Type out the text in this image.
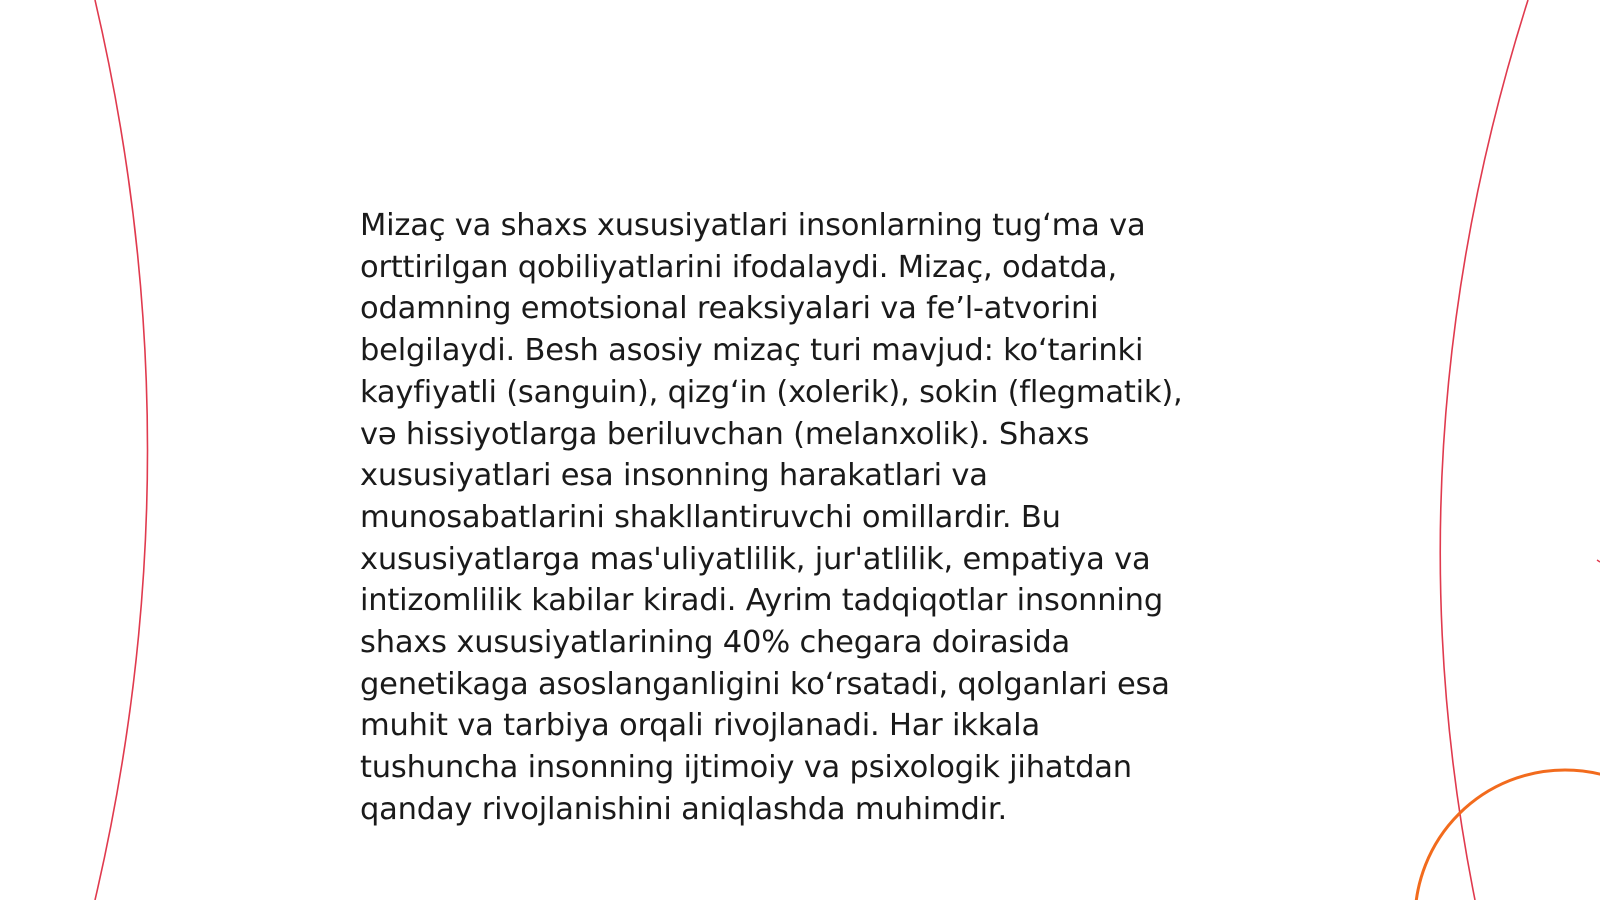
Mizaç va shaxs xususiyatlari insonlarning tugʻma va
orttirilgan qobiliyatlarini ifodalaydi. Mizaç, odatda,
odamning emotsional reaksiyalari va feʼl-atvorini
belgilaydi. Besh asosiy mizaç turi mavjud: koʻtarinki
kayfiyatli (sanguin), qizgʻin (xolerik), sokin (flegmatik),
və hissiyotlarga beriluvchan (melanxolik). Shaxs
xususiyatlari esa insonning harakatlari va
munosabatlarini shakllantiruvchi omillardir. Bu
xususiyatlarga mas'uliyatlilik, jur'atlilik, empatiya va
intizomlilik kabilar kiradi. Ayrim tadqiqotlar insonning
shaxs xususiyatlarining 40% chegara doirasida
genetikaga asoslanganligini koʻrsatadi, qolganlari esa
muhit va tarbiya orqali rivojlanadi. Har ikkala
tushuncha insonning ijtimoiy va psixologik jihatdan
qanday rivojlanishini aniqlashda muhimdir.
